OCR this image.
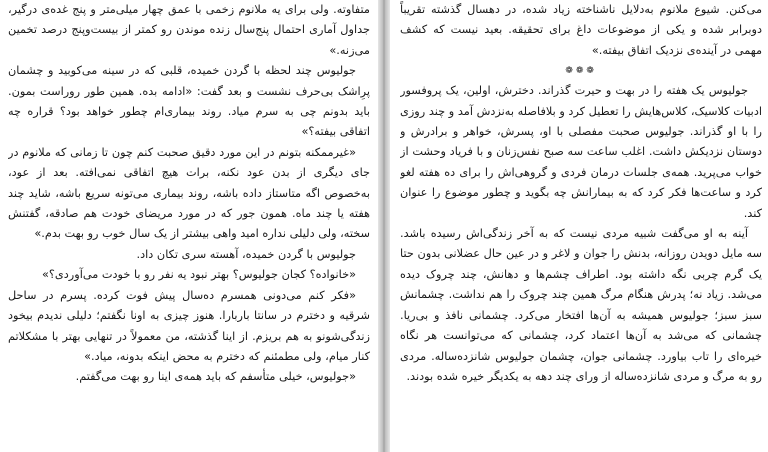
متفاوته. ولی برای یه ملانوم زخمی با عمق چهار میلی‌متر و پنج غده‌ی درگیر، جداول آماری احتمال پنج‌سال زنده موندن رو کمتر از بیست‌وپنج درصد تخمین می‌زنه.»

جولیوس چند لحظه با گردن خمیده، قلبی که در سینه می‌کوبید و چشمان پرِاشک بی‌حرف نشست و بعد گفت: «ادامه بده. همین طور روراست بمون. باید بدونم چی به سرم میاد. روند بیماری‌ام چطور خواهد بود؟ قراره چه اتفاقی بیفته؟»

«غیرممکنه بتونم در این مورد دقیق صحبت کنم چون تا زمانی که ملانوم در جای دیگری از بدن عود نکنه، برات هیچ اتفاقی نمی‌افته. بعد از عود، به‌خصوص اگه متاستاز داده باشه، روند بیماری می‌تونه سریع باشه، شاید چند هفته یا چند ماه. همون جور که در مورد مریضای خودت هم صادقه، گفتنش سخته، ولی دلیلی نداره امید واهی بیشتر از یک سال خوب رو بهت بدم.»

جولیوس با گردن خمیده، آهسته سری تکان داد.

«خانواده؟ کجان جولیوس؟ بهتر نبود یه نفر رو با خودت می‌آوردی؟»

«فکر کنم می‌دونی همسرم ده‌سال پیش فوت کرده. پسرم در ساحل شرقیه و دخترم در سانتا باربارا. هنوز چیزی به اونا نگفتم؛ دلیلی ندیدم بیخود زندگی‌شونو به هم بریزم. از اینا گذشته، من معمولاً در تنهایی بهتر با مشکلاتم کنار میام، ولی مطمئنم که دخترم به محض اینکه بدونه، میاد.»

«جولیوس، خیلی متأسفم که باید همه‌ی اینا رو بهت می‌گفتم.

می‌کنن. شیوع ملانوم به‌دلایل ناشناخته زیاد شده، در دهسال گذشته تقریباً دوبرابر شده و یکی از موضوعات داغ برای تحقیقه. بعید نیست که کشف مهمی در آینده‌ی نزدیک اتفاق بیفته.»

❁❁❁

جولیوس یک هفته را در بهت و حیرت گذراند. دخترش، اولین، یک پروفسور ادبیات کلاسیک، کلاس‌هایش را تعطیل کرد و بلافاصله به‌نزدش آمد و چند روزی را با او گذراند. جولیوس صحبت مفصلی با او، پسرش، خواهر و برادرش و دوستان نزدیکش داشت. اغلب ساعت سه صبح نفس‌زنان و با فریاد وحشت از خواب می‌پرید. همه‌ی جلسات درمان فردی و گروهی‌اش را برای ده هفته لغو کرد و ساعت‌ها فکر کرد که به بیمارانش چه بگوید و چطور موضوع را عنوان کند.

آینه به او می‌گفت شبیه مردی نیست که به آخر زندگی‌اش رسیده باشد. سه مایل دویدن روزانه، بدنش را جوان و لاغر و در عین حال عضلانی بدون حتا یک گرم چربی نگه داشته بود. اطراف چشم‌ها و دهانش، چند چروک دیده می‌شد. زیاد نه؛ پدرش هنگام مرگ همین چند چروک را هم نداشت. چشمانش سبز سبز؛ جولیوس همیشه به آن‌ها افتخار می‌کرد. چشمانی نافذ و بی‌ریا. چشمانی که می‌شد به آن‌ها اعتماد کرد، چشمانی که می‌توانست هر نگاه خیره‌ای را تاب بیاورد. چشمانی جوان، چشمان جولیوس شانزده‌ساله. مردی رو به مرگ و مردی شانزده‌ساله از ورای چند دهه به یکدیگر خیره شده بودند.
